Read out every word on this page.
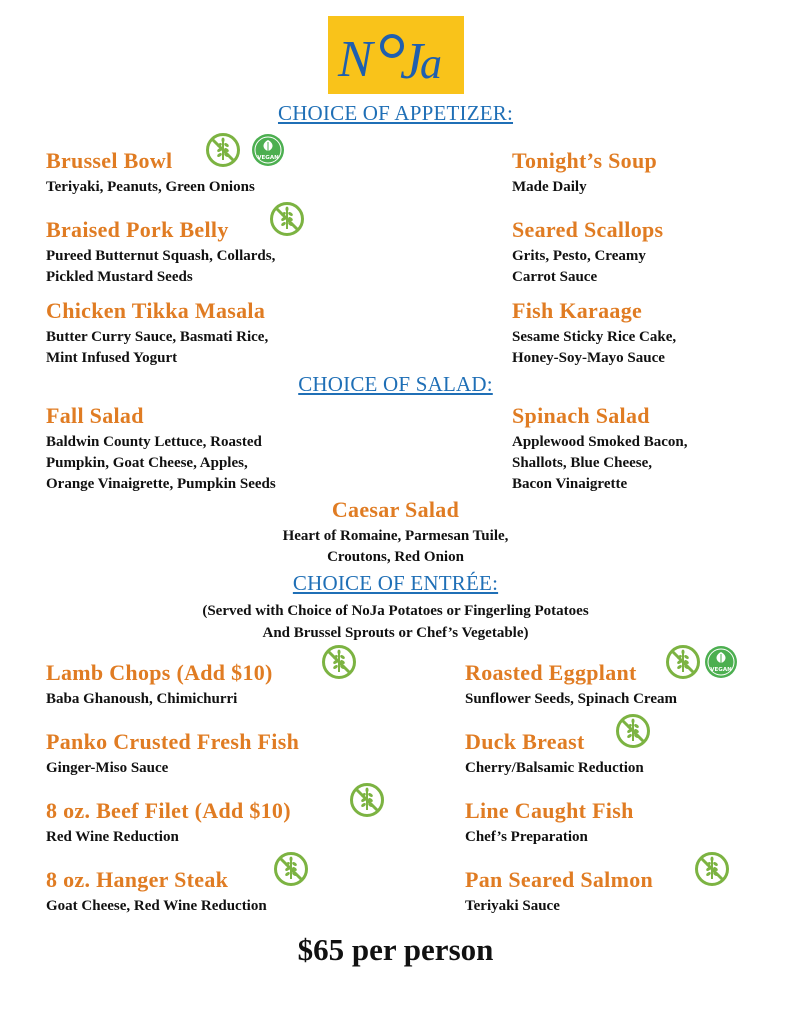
N J
a
CHOICE OF APPETIZER:
Brussel Bowl
Teriyaki, Peanuts, Green Onions
VEGAN	Tonight’s Soup
Made Daily
Braised Pork Belly
Pureed Butternut Squash, Collards,
Pickled Mustard Seeds
Seared Scallops
Grits, Pesto, Creamy
Carrot Sauce
Chicken Tikka Masala
Butter Curry Sauce, Basmati Rice,
Mint Infused Yogurt
Fish Karaage
Sesame Sticky Rice Cake,
Honey-Soy-Mayo Sauce
CHOICE OF SALAD:
Fall Salad
Baldwin County Lettuce, Roasted
Pumpkin, Goat Cheese, Apples,
Orange Vinaigrette, Pumpkin Seeds
Spinach Salad
Applewood Smoked Bacon,
Shallots, Blue Cheese,
Bacon Vinaigrette
Caesar Salad
Heart of Romaine, Parmesan Tuile,
Croutons, Red Onion
CHOICE OF ENTRÉE:
(Served with Choice of NoJa Potatoes or Fingerling Potatoes
And Brussel Sprouts or Chef’s Vegetable)
Lamb Chops (Add $10)
Baba Ghanoush, Chimichurri
Roasted Eggplant
Sunflower Seeds, Spinach Cream
VEGAN
Panko Crusted Fresh Fish
Ginger-Miso Sauce
Duck Breast
Cherry/Balsamic Reduction
8 oz. Beef Filet (Add $10)
Red Wine Reduction
Line Caught Fish
Chef’s Preparation
8 oz. Hanger Steak
Goat Cheese, Red Wine Reduction
Pan Seared Salmon
Teriyaki Sauce
$65 per person
